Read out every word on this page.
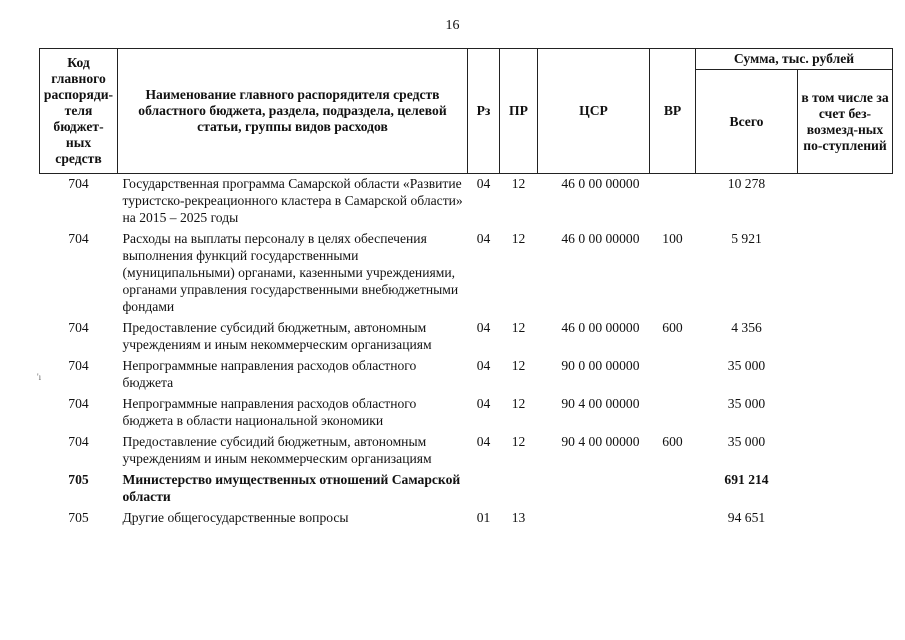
16
Код главного распоряди-теля бюджет-ных средств	Наименование главного распорядителя средств областного бюджета, раздела, подраздела, целевой статьи, группы видов расходов	Рз	ПР	ЦСР	ВР	Сумма, тыс. рублей	
						Всего	в том числе за счет без-возмезд-ных по-ступлений
704	Государственная программа Самарской области «Развитие туристско-рекреационного кластера в Самарской области» на 2015 – 2025 годы	04	12	46 0 00 00000		10 278	
704	Расходы на выплаты персоналу в целях обеспечения выполнения функций государственными (муниципальными) органами, казенными учреждениями, органами управления государственными внебюджетными фондами	04	12	46 0 00 00000	100	5 921	
704	Предоставление субсидий бюджетным, автономным учреждениям и иным некоммерческим организациям	04	12	46 0 00 00000	600	4 356	
704	Непрограммные направления расходов областного бюджета	04	12	90 0 00 00000		35 000	
704	Непрограммные направления расходов областного бюджета в области национальной экономики	04	12	90 4 00 00000		35 000	
704	Предоставление субсидий бюджетным, автономным учреждениям и иным некоммерческим организациям	04	12	90 4 00 00000	600	35 000	
705	Министерство имущественных отношений Самарской области					691 214	
705	Другие общегосударственные вопросы	01	13			94 651	
'ı
